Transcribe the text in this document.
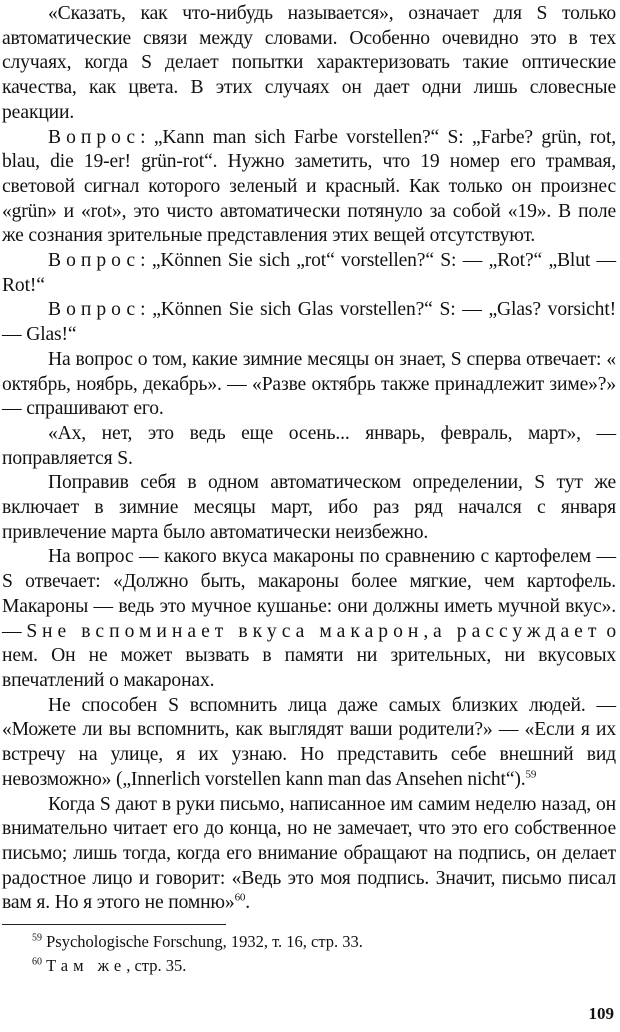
«Сказать, как что-нибудь называется», означает для S только автоматические связи между словами. Особенно очевидно это в тех случаях, когда S делает попытки характеризовать такие оптические качества, как цвета. В этих случаях он дает одни лишь словесные реакции.

Вопрос: „Kann man sich Farbe vorstellen?“ S: „Farbe? grün, rot, blau, die 19-er! grün-rot“. Нужно заметить, что 19 номер его трамвая, световой сигнал которого зеленый и красный. Как только он произнес «grün» и «rot», это чисто автоматически потянуло за собой «19». В поле же сознания зрительные представления этих вещей отсутствуют.

Вопрос: „Können Sie sich „rot“ vorstellen?“ S: — „Rot?“ „Blut — Rot!“

Вопрос: „Können Sie sich Glas vorstellen?“ S: — „Glas? vorsicht! — Glas!“

На вопрос о том, какие зимние месяцы он знает, S сперва отвечает: « октябрь, ноябрь, декабрь». — «Разве октябрь также принадлежит зиме»?» — спрашивают его.

«Ах, нет, это ведь еще осень... январь, февраль, март», — поправляется S.

Поправив себя в одном автоматическом определении, S тут же включает в зимние месяцы март, ибо раз ряд начался с января привлечение марта было автоматически неизбежно.

На вопрос — какого вкуса макароны по сравнению с картофелем — S отвечает: «Должно быть, макароны более мягкие, чем картофель. Макароны — ведь это мучное кушанье: они должны иметь мучной вкус». — S не вспоминает вкуса макарон, а рассуждает о нем. Он не может вызвать в памяти ни зрительных, ни вкусовых впечатлений о макаронах.

Не способен S вспомнить лица даже самых близких людей. — «Можете ли вы вспомнить, как выглядят ваши родители?» — «Если я их встречу на улице, я их узнаю. Но представить себе внешний вид невозможно» („Innerlich vorstellen kann man das Ansehen nicht“).$^{59}$

Когда S дают в руки письмо, написанное им самим неделю назад, он внимательно читает его до конца, но не замечает, что это его собственное письмо; лишь тогда, когда его внимание обращают на подпись, он делает радостное лицо и говорит: «Ведь это моя подпись. Значит, письмо писал вам я. Но я этого не помню»$^{60}$.

$^{59}$ Psychologische Forschung, 1932, т. 16, стр. 33.

$^{60}$ Там же, стр. 35.

109
